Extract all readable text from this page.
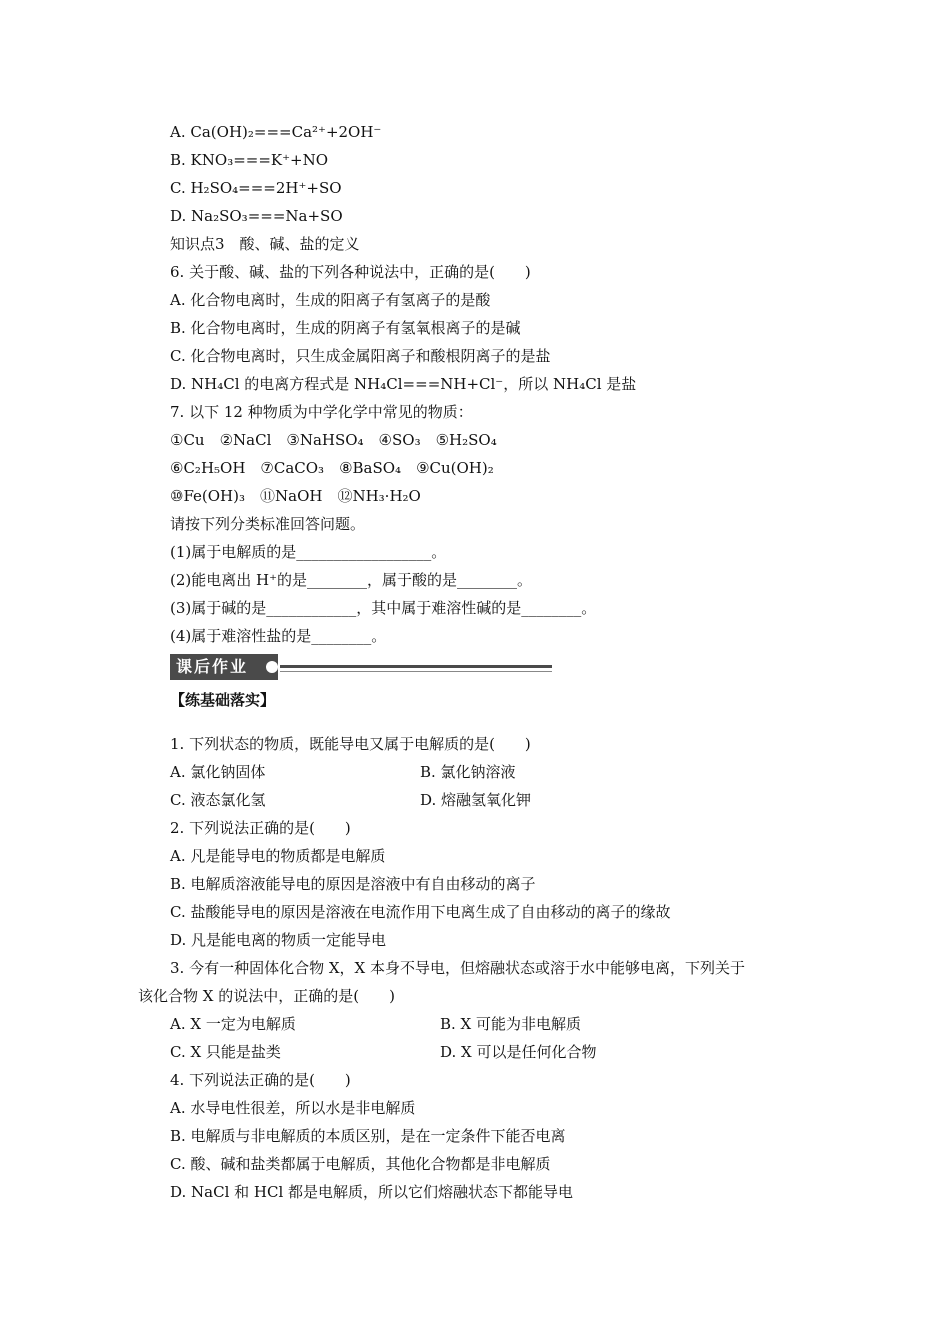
A. Ca(OH)₂===Ca²⁺+2OH⁻
B. KNO₃===K⁺+NO
C. H₂SO₄===2H⁺+SO
D. Na₂SO₃===Na+SO
知识点3　酸、碱、盐的定义
6. 关于酸、碱、盐的下列各种说法中，正确的是(　　)
A. 化合物电离时，生成的阳离子有氢离子的是酸
B. 化合物电离时，生成的阴离子有氢氧根离子的是碱
C. 化合物电离时，只生成金属阳离子和酸根阴离子的是盐
D. NH₄Cl 的电离方程式是 NH₄Cl===NH+Cl⁻，所以 NH₄Cl 是盐
7. 以下 12 种物质为中学化学中常见的物质：
①Cu　②NaCl　③NaHSO₄　④SO₃　⑤H₂SO₄
⑥C₂H₅OH　⑦CaCO₃　⑧BaSO₄　⑨Cu(OH)₂
⑩Fe(OH)₃　⑪NaOH　⑫NH₃·H₂O
请按下列分类标准回答问题。
(1)属于电解质的是__________________。
(2)能电离出 H⁺的是________，属于酸的是________。
(3)属于碱的是____________，其中属于难溶性碱的是________。
(4)属于难溶性盐的是________。
课后作业
【练基础落实】
1. 下列状态的物质，既能导电又属于电解质的是(　　)
A. 氯化钠固体	B. 氯化钠溶液
C. 液态氯化氢	D. 熔融氢氧化钾
2. 下列说法正确的是(　　)
A. 凡是能导电的物质都是电解质
B. 电解质溶液能导电的原因是溶液中有自由移动的离子
C. 盐酸能导电的原因是溶液在电流作用下电离生成了自由移动的离子的缘故
D. 凡是能电离的物质一定能导电
3. 今有一种固体化合物 X，X 本身不导电，但熔融状态或溶于水中能够电离，下列关于
该化合物 X 的说法中，正确的是(　　)
A. X 一定为电解质	B. X 可能为非电解质
C. X 只能是盐类	D. X 可以是任何化合物
4. 下列说法正确的是(　　)
A. 水导电性很差，所以水是非电解质
B. 电解质与非电解质的本质区别，是在一定条件下能否电离
C. 酸、碱和盐类都属于电解质，其他化合物都是非电解质
D. NaCl 和 HCl 都是电解质，所以它们熔融状态下都能导电
